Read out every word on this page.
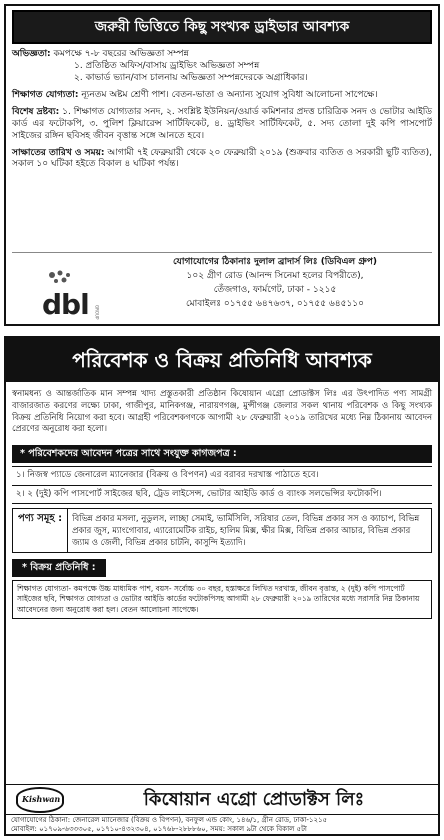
জরুরী ভিত্তিতে কিছু সংখ্যক ড্রাইভার আবশ্যক
অভিজ্ঞতা: কমপক্ষে ৭-৮ বছরের অভিজ্ঞতা সম্পন্ন
১. প্রতিষ্ঠিত অফিস/বাসায় ড্রাইভিং অভিজ্ঞতা সম্পন্ন
২. কাভার্ড ভ্যান/বাস চালনায় অভিজ্ঞতা সম্পন্নদেরকে অগ্রাধিকার।
শিক্ষাগত যোগ্যতা: ন্যূনতম অষ্টম শ্রেণী পাশ। বেতন-ভাতা ও অন্যান্য সুযোগ সুবিধা আলোচনা সাপেক্ষে।
বিশেষ দ্রষ্টব্য: ১. শিক্ষাগত যোগ্যতার সনদ, ২. সংশ্লিষ্ট ইউনিয়ন/ওয়ার্ড কমিশনার প্রদত্ত চারিত্রিক সনদ ও ভোটার আইডি কার্ড এর ফটোকপি, ৩. পুলিশ ক্লিয়ারেন্স সার্টিফিকেট, ৪. ড্রাইভিং সার্টিফিকেট, ৫. সদ্য তোলা দুই কপি পাসপোর্ট সাইজের রঙ্গিন ছবিসহ জীবন বৃত্তান্ত সঙ্গে আনতে হবে।
সাক্ষাতের তারিখ ও সময়: আগামী ৭ই ফেব্রুয়ারী থেকে ২০ ফেব্রুয়ারী ২০১৯ (শুক্রবার ব্যতিত ও সরকারী ছুটি ব্যতিত), সকাল ১০ ঘটিকা হইতে বিকাল ৪ ঘটিকা পর্যন্ত।
dbl GROUP
যোগাযোগের ঠিকানাঃ দুলাল ব্রাদার্স লিঃ (ডিবিএল গ্রুপ)
১০২ গ্রীণ রোড (আনন্দ সিনেমা হলের বিপরীতে),
তেঁজগাও, ফার্মগেট, ঢাকা - ১২১৫
মোবাইলঃ ০১৭৫৫ ৬৪৭৬৩৭, ০১৭৫৫ ৬৪৫১১০
পরিবেশক ও বিক্রয় প্রতিনিধি আবশ্যক
স্বনামধন্য ও আন্তর্জাতিক মান সম্পন্ন খাদ্য প্রস্তুতকারী প্রতিষ্ঠান কিষোয়ান এগ্রো প্রোডাক্টস লিঃ এর উৎপাদিত পণ্য সামগ্রী বাজারজাত করণের লক্ষ্যে ঢাকা, গাজীপুর, মানিকগঞ্জ, নারায়ণগঞ্জ, মুন্সীগঞ্জ জেলার সকল থানায় পরিবেশক ও কিছু সংখ্যক বিক্রয় প্রতিনিধি নিয়োগ করা হবে। আগ্রহী পরিবেশকগণকে আগামী ২৮ ফেব্রুয়ারী ২০১৯ তারিখের মধ্যে নিম্ন ঠিকানায় আবেদন প্রেরণের অনুরোধ করা হলো।
* পরিবেশকদের আবেদন পত্রের সাথে সংযুক্ত কাগজপত্র :
১। নিজস্ব প্যাডে জেনারেল ম্যানেজার (বিক্রয় ও বিপণন) এর বরাবর দরখাস্ত পাঠাতে হবে।
২। ২ (দুই) কপি পাসপোর্ট সাইজের ছবি, ট্রেড লাইসেন্স, ভোটার আইডি কার্ড ও ব্যাংক সলভেন্সির ফটোকপি।
পণ্য সমূহ :	বিভিন্ন প্রকার মসলা, নুডুলস, লাচ্ছা সেমাই, ভার্মিসিলি, সরিষার তেল, বিভিন্ন প্রকার সস ও ক্যাচাপ, বিভিন্ন প্রকার জুস, ম্যাংগোবার, এ্যারোমেটিক রাইচ, হালিম মিক্স, ক্ষীর মিক্স, বিভিন্ন প্রকার আচার, বিভিন্ন প্রকার জ্যাম ও জেলী, বিভিন্ন প্রকার চাটনি, কাসুন্দি ইত্যাদি।
* বিক্রয় প্রতিনিধি :
শিক্ষাগত যোগ্যতা- কমপক্ষে উচ্চ মাধ্যমিক পাশ, বয়স- সর্বোচ্চ ৩০ বছর, হস্তাক্ষরে লিখিত দরখাস্ত, জীবন বৃত্তান্ত, ২ (দুই) কপি পাসপোর্ট সাইজের ছবি, শিক্ষাগত যোগ্যতা ও ভোটার আইডি কার্ডের ফটোকপিসহ আগামী ২৮ ফেব্রুয়ারী ২০১৯ তারিখের মধ্যে সরাসরি নিম্ন ঠিকানায় আবেদনের জন্য অনুরোধ করা হল। বেতন আলোচনা সাপেক্ষে।
Kishwan	কিষোয়ান এগ্রো প্রোডাক্টস লিঃ
যোগাযোগের ঠিকানা: জেনারেল ম্যানেজার (বিক্রয় ও বিপণন), বনফুল এন্ড কোং, ১৪৬/১, গ্রীন রোড, ঢাকা-১২১৫
মোবাইল: ০১৭০৯-৬৩৩৩০৫, ০১৭১০-৪৩২৩০৪, ০১৭৬৮-২৮৮৮৬০, সময়: সকাল ৯টা থেকে বিকাল ৫টা
